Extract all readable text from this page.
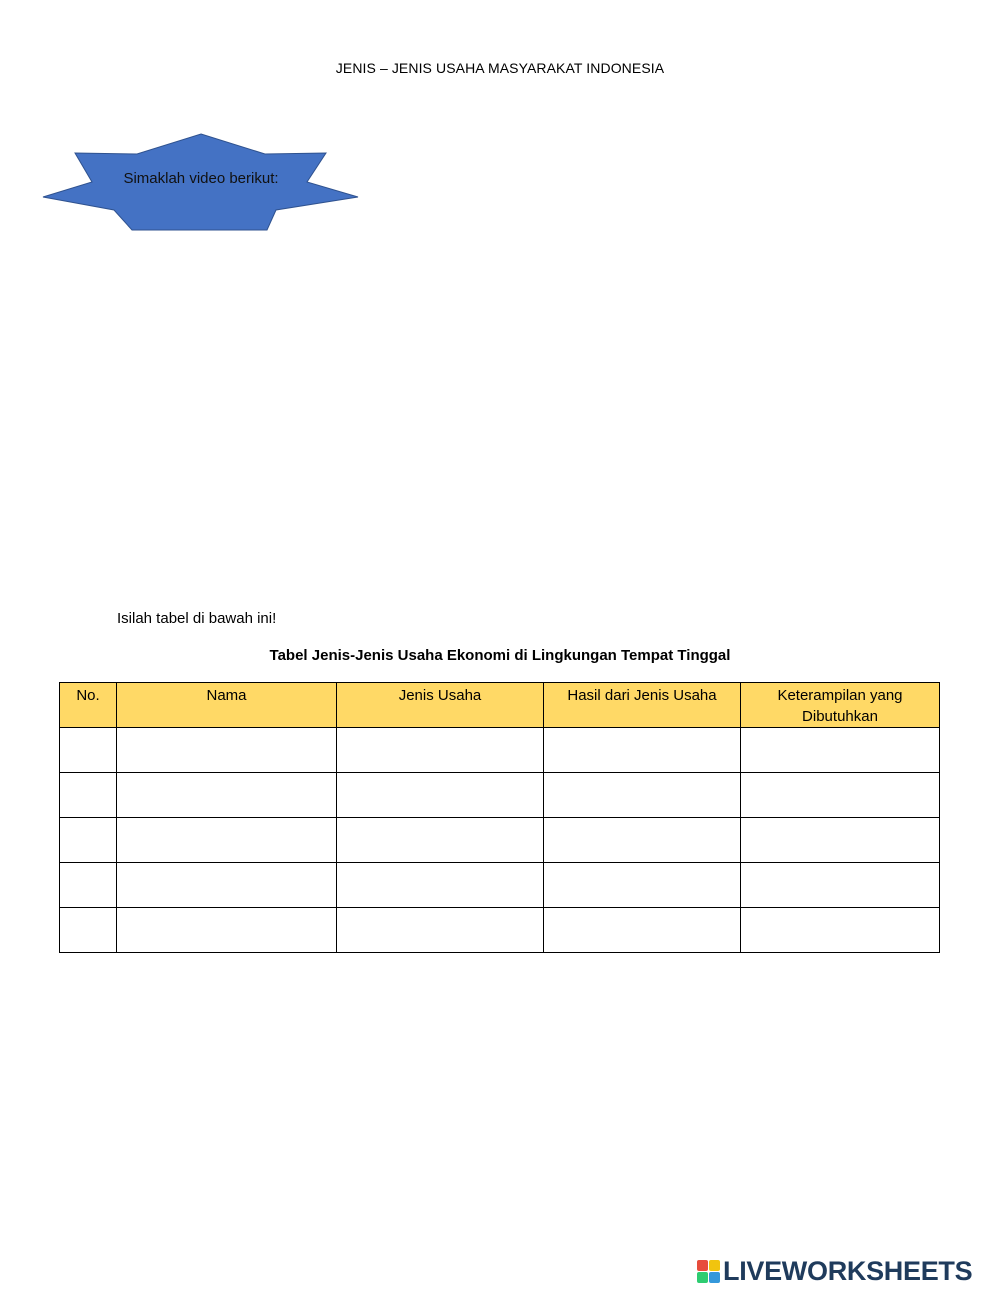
JENIS – JENIS USAHA MASYARAKAT INDONESIA
Simaklah video berikut:
Isilah tabel di bawah ini!
Tabel Jenis-Jenis Usaha Ekonomi di Lingkungan Tempat Tinggal
No.	Nama	Jenis Usaha	Hasil dari Jenis Usaha	Keterampilan yang Dibutuhkan

LIVEWORKSHEETS
